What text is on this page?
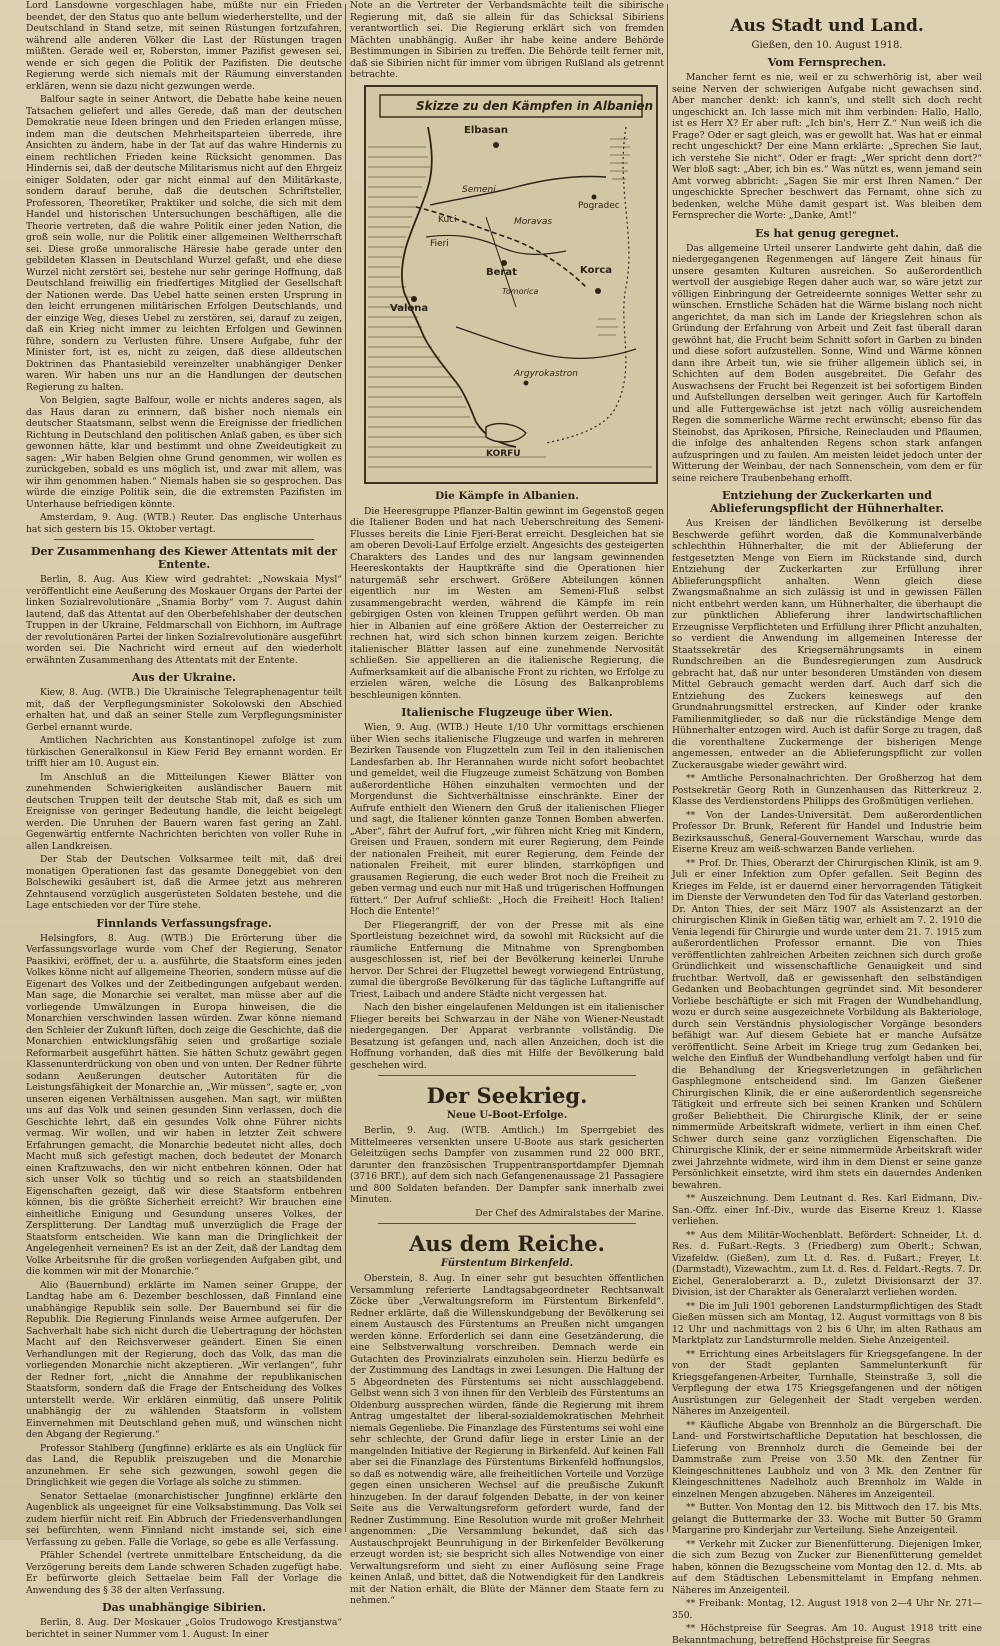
Lord Lansdowne vorgeschlagen habe, müßte nur ein Frieden beendet, der den Status quo ante bellum wiederherstellte, und der Deutschland in Stand setze, mit seinen Rüstungen fortzufahren, während alle anderen Völker die Last der Rüstungen tragen müßten. Gerade weil er, Roberston, immer Pazifist gewesen sei, wende er sich gegen die Politik der Pazifisten. Die deutsche Regierung werde sich niemals mit der Räumung einverstanden erklären, wenn sie dazu nicht gezwungen werde.

Balfour sagte in seiner Antwort, die Debatte habe keine neuen Tatsachen geliefert und alles Gerede, daß man der deutschen Demokratie neue Ideen bringen und den Frieden erlangen müsse, indem man die deutschen Mehrheitsparteien überrede, ihre Ansichten zu ändern, habe in der Tat auf das wahre Hindernis zu einem rechtlichen Frieden keine Rücksicht genommen. Das Hindernis sei, daß der deutsche Militarismus nicht auf den Ehrgeiz einiger Soldaten, oder gar nicht einmal auf den Militärkaste, sondern darauf beruhe, daß die deutschen Schriftsteller, Professoren, Theoretiker, Praktiker und solche, die sich mit dem Handel und historischen Untersuchungen beschäftigen, alle die Theorie vertreten, daß die wahre Politik einer jeden Nation, die groß sein wolle, nur die Politik einer allgemeinen Weltherrschaft sei. Diese große unmoralische Häresie habe gerade unter den gebildeten Klassen in Deutschland Wurzel gefaßt, und ehe diese Wurzel nicht zerstört sei, bestehe nur sehr geringe Hoffnung, daß Deutschland freiwillig ein friedfertiges Mitglied der Gesellschaft der Nationen werde. Das Uebel hatte seinen ersten Ursprung in den leicht errungenen militärischen Erfolgen Deutschlands, und der einzige Weg, dieses Uebel zu zerstören, sei, darauf zu zeigen, daß ein Krieg nicht immer zu leichten Erfolgen und Gewinnen führe, sondern zu Verlusten führe. Unsere Aufgabe, fuhr der Minister fort, ist es, nicht zu zeigen, daß diese alldeutschen Doktrinen das Phantasiebild vereinzelter unabhängiger Denker waren. Wir haben uns nur an die Handlungen der deutschen Regierung zu halten.

Von Belgien, sagte Balfour, wolle er nichts anderes sagen, als das Haus daran zu erinnern, daß bisher noch niemals ein deutscher Staatsmann, selbst wenn die Ereignisse der friedlichen Richtung in Deutschland den politischen Anlaß gaben, es über sich gewonnen hätte, klar und bestimmt und ohne Zweideutigkeit zu sagen: „Wir haben Belgien ohne Grund genommen, wir wollen es zurückgeben, sobald es uns möglich ist, und zwar mit allem, was wir ihm genommen haben.“ Niemals haben sie so gesprochen. Das würde die einzige Politik sein, die die extremsten Pazifisten im Unterhause befriedigen könnte.

Amsterdam, 9. Aug. (WTB.) Reuter. Das englische Unterhaus hat sich gestern bis 15. Oktober vertagt.

Der Zusammenhang des Kiewer Attentats mit der Entente.

Berlin, 8. Aug. Aus Kiew wird gedrahtet: „Nowskaia Mysl“ veröffentlicht eine Aeußerung des Moskauer Organs der Partei der linken Sozialrevolutionäre „Snamia Borby“ vom 7. August dahin lautend, daß das Attentat auf den Oberbefehlshaber der deutschen Truppen in der Ukraine, Feldmarschall von Eichhorn, im Auftrage der revolutionären Partei der linken Sozialrevolutionäre ausgeführt worden sei. Die Nachricht wird erneut auf den wiederholt erwähnten Zusammenhang des Attentats mit der Entente.

Aus der Ukraine.

Kiew, 8. Aug. (WTB.) Die Ukrainische Telegraphenagentur teilt mit, daß der Verpflegungsminister Sokolowski den Abschied erhalten hat, und daß an seiner Stelle zum Verpflegungsminister Gerbel ernannt wurde.

Amtlichen Nachrichten aus Konstantinopel zufolge ist zum türkischen Generalkonsul in Kiew Ferid Bey ernannt worden. Er trifft hier am 10. August ein.

Im Anschluß an die Mitteilungen Kiewer Blätter von zunehmenden Schwierigkeiten ausländischer Bauern mit deutschen Truppen teilt der deutsche Stab mit, daß es sich um Ereignisse von geringer Bedeutung handle, die leicht beigelegt werden. Die Unruhen der Bauern waren fast gering an Zahl. Gegenwärtig entfernte Nachrichten berichten von voller Ruhe in allen Landkreisen.

Der Stab der Deutschen Volksarmee teilt mit, daß drei monatigen Operationen fast das gesamte Doneggebiet von den Bolschewiki gesäubert ist, daß die Armee jetzt aus mehreren Zehntausend vorzüglich ausgerüsteten Soldaten bestehe, und die Lage entschieden vor der Türe stehe.

Finnlands Verfassungsfrage.

Helsingfors, 8. Aug. (WTB.) Die Erörterung über die Verfassungsvorlage wurde vom Chef der Regierung, Senator Paasikivi, eröffnet, der u. a. ausführte, die Staatsform eines jeden Volkes könne nicht auf allgemeine Theorien, sondern müsse auf die Eigenart des Volkes und der Zeitbedingungen aufgebaut werden. Man sage, die Monarchie sei veraltet, man müsse aber auf die vorliegende Umwälzungen in Europa hinweisen, die die Monarchien verschwinden lassen würden. Zwar könne niemand den Schleier der Zukunft lüften, doch zeige die Geschichte, daß die Monarchien entwicklungsfähig seien und großartige soziale Reformarbeit ausgeführt hätten. Sie hätten Schutz gewährt gegen Klassenunterdrückung von oben und von unten. Der Redner führte sodann Aeußerungen deutscher Autoritäten für die Leistungsfähigkeit der Monarchie an, „Wir müssen“, sagte er, „von unseren eigenen Verhältnissen ausgehen. Man sagt, wir müßten uns auf das Volk und seinen gesunden Sinn verlassen, doch die Geschichte lehrt, daß ein gesundes Volk ohne Führer nichts vermag. Wir wollen, und wir haben in letzter Zeit schwere Erfahrungen gemacht, die Monarchie bedeutet nicht alles, doch Macht muß sich gefestigt machen, doch bedeutet der Monarch einen Kraftzuwachs, den wir nicht entbehren können. Oder hat sich unser Volk so tüchtig und so reich an staatsbildenden Eigenschaften gezeigt, daß wir diese Staatsform entbehren können, bis die größte Sicherheit erreicht? Wir brauchen eine einheitliche Einigung und Gesundung unseres Volkes, der Zersplitterung. Der Landtag muß unverzüglich die Frage der Staatsform entscheiden. Wie kann man die Dringlichkeit der Angelegenheit verneinen? Es ist an der Zeit, daß der Landtag dem Volke Arbeitsruhe für die großen vorliegenden Aufgaben gibt, und die kommen wir mit der Monarchie.“

Alio (Bauernbund) erklärte im Namen seiner Gruppe, der Landtag habe am 6. Dezember beschlossen, daß Finnland eine unabhängige Republik sein solle. Der Bauernbund sei für die Republik. Die Regierung Finnlands weise Armee aufgerufen. Der Sachverhalt habe sich nicht durch die Uebertragung der höchsten Macht auf den Reichsverweser geändert. Einen Sie einen Verhandlungen mit der Regierung, doch das Volk, das man die vorliegenden Monarchie nicht akzeptieren. „Wir verlangen“, fuhr der Redner fort, „nicht die Annahme der republikanischen Staatsform, sondern daß die Frage der Entscheidung des Volkes unterstellt werde. Wir erklären einmütig, daß unsere Politik unabhängig der zu wählenden Staatsform in vollstem Einvernehmen mit Deutschland gehen muß, und wünschen nicht den Abgang der Regierung.“

Professor Stahlberg (Jungfinne) erklärte es als ein Unglück für das Land, die Republik preiszugeben und die Monarchie anzunehmen. Er sehe sich gezwungen, sowohl gegen die Dringlichkeit wie gegen die Vorlage als solche zu stimmen.

Senator Settaelae (monarchistischer Jungfinne) erklärte den Augenblick als ungeeignet für eine Volksabstimmung. Das Volk sei zudem hierfür nicht reif. Ein Abbruch der Friedensverhandlungen sei befürchten, wenn Finnland nicht imstande sei, sich eine Verfassung zu geben. Falle die Vorlage, so gebe es alle Verfassung.

Pfähler Schendel (vertrete unmittelbare Entscheidung, da die Verzögerung bereits dem Lande schweren Schaden zugefügt habe. Er befürworte gleich Settaelae beim Fall der Vorlage die Anwendung des § 38 der alten Verfassung.

Das unabhängige Sibirien.

Berlin, 8. Aug. Der Moskauer „Golos Trudowogo Krestjanstwa“ berichtet in seiner Nummer vom 1. August: In einer

Note an die Vertreter der Verbandsmächte teilt die sibirische Regierung mit, daß sie allein für das Schicksal Sibiriens verantwortlich sei. Die Regierung erklärt sich von fremden Mächten unabhängig. Außer ihr habe keine andere Behörde Bestimmungen in Sibirien zu treffen. Die Behörde teilt ferner mit, daß sie Sibirien nicht für immer vom übrigen Rußland als getrennt betrachte.

Skizze zu den Kämpfen in Albanien
Elbasan
Semeni
Pogradec
Kuci	Moravas
Fieri
Berat	Korca
Valona
Argyrokastron
KORFU
Tomorica

Die Kämpfe in Albanien.

Die Heeresgruppe Pflanzer-Baltin gewinnt im Gegenstoß gegen die Italiener Boden und hat nach Ueberschreitung des Semeni-Flusses bereits die Linie Fjeri-Berat erreicht. Desgleichen hat sie am oberen Devoli-Lauf Erfolge erzielt. Angesichts des gesteigerten Charakters des Landes und des nur langsam gewinnenden Heereskontakts der Hauptkräfte sind die Operationen hier naturgemäß sehr erschwert. Größere Abteilungen können eigentlich nur im Westen am Semeni-Fluß selbst zusammengebracht werden, während die Kämpfe im rein gebirgigen Osten von kleinen Truppen geführt werden. Ob man hier in Albanien auf eine größere Aktion der Oesterreicher zu rechnen hat, wird sich schon binnen kurzem zeigen. Berichte italienischer Blätter lassen auf eine zunehmende Nervosität schließen. Sie appellieren an die italienische Regierung, die Aufmerksamkeit auf die albanische Front zu richten, wo Erfolge zu erzielen wären, welche die Lösung des Balkanproblems beschleunigen könnten.

Italienische Flugzeuge über Wien.

Wien, 9. Aug. (WTB.) Heute 1/10 Uhr vormittags erschienen über Wien sechs italienische Flugzeuge und warfen in mehreren Bezirken Tausende von Flugzetteln zum Teil in den italienischen Landesfarben ab. Ihr Herannahen wurde nicht sofort beobachtet und gemeldet, weil die Flugzeuge zumeist Schätzung von Bomben außerordentliche Höhen einzuhalten vermochten und der Morgendunst die Sichtverhältnisse einschränkte. Einer der Aufrufe enthielt den Wienern den Gruß der italienischen Flieger und sagt, die Italiener könnten ganze Tonnen Bomben abwerfen. „Aber“, fährt der Aufruf fort, „wir führen nicht Krieg mit Kindern, Greisen und Frauen, sondern mit eurer Regierung, dem Feinde der nationalen Freiheit, mit eurer Regierung, dem Feinde der nationalen Freiheit, mit eurer blinden, starrköpfigen und grausamen Regierung, die euch weder Brot noch die Freiheit zu geben vermag und euch nur mit Haß und trügerischen Hoffnungen füttert.“ Der Aufruf schließt: „Hoch die Freiheit! Hoch Italien! Hoch die Entente!“

Der Fliegerangriff, der von der Presse mit als eine Sportleistung bezeichnet wird, da sowohl mit Rücksicht auf die räumliche Entfernung die Mitnahme von Sprengbomben ausgeschlossen ist, rief bei der Bevölkerung keinerlei Unruhe hervor. Der Schrei der Flugzettel bewegt vorwiegend Entrüstung, zumal die übergroße Bevölkerung für das tägliche Luftangriffe auf Triest, Laibach und andere Städte nicht vergessen hat.

Nach den bisher eingelaufenen Meldungen ist ein italienischer Flieger bereits bei Schwarzau in der Nähe von Wiener-Neustadt niedergegangen. Der Apparat verbrannte vollständig. Die Besatzung ist gefangen und, nach allen Anzeichen, doch ist die Hoffnung vorhanden, daß dies mit Hilfe der Bevölkerung bald geschehen wird.

Der Seekrieg.

Neue U-Boot-Erfolge.

Berlin, 9. Aug. (WTB. Amtlich.) Im Sperrgebiet des Mittelmeeres versenkten unsere U-Boote aus stark gesicherten Geleitzügen sechs Dampfer von zusammen rund 22 000 BRT., darunter den französischen Truppentransportdampfer Djemnah (3716 BRT.), auf dem sich nach Gefangenenaussage 21 Passagiere und 800 Soldaten befanden. Der Dampfer sank innerhalb zwei Minuten.

Der Chef des Admiralstabes der Marine.

Aus dem Reiche.

Fürstentum Birkenfeld.

Oberstein, 8. Aug. In einer sehr gut besuchten öffentlichen Versammlung referierte Landtagsabgeordneter Rechtsanwalt Zöcke über „Verwaltungsreform im Fürstentum Birkenfeld“. Redner erklärte, daß die Willenskundgebung der Bevölkerung sei einem Austausch des Fürstentums an Preußen nicht umgangen werden könne. Erforderlich sei dann eine Gesetzänderung, die eine Selbstverwaltung vorschreiben. Demnach werde ein Gutachten des Provinzialrats einzuholen sein. Hierzu bedürfe es der Zustimmung des Landtags in zwei Lesungen. Die Haltung der 5 Abgeordneten des Fürstentums sei nicht ausschlaggebend. Gelbst wenn sich 3 von ihnen für den Verbleib des Fürstentums an Oldenburg aussprechen würden, fände die Regierung mit ihrem Antrag umgestaltet der liberal-sozialdemokratischen Mehrheit niemals Gegenliebe. Die Finanzlage des Fürstentums sei wohl eine sehr schlechte, der Grund dafür liege in erster Linie an der mangelnden Initiative der Regierung in Birkenfeld. Auf keinen Fall aber sei die Finanzlage des Fürstentums Birkenfeld hoffnungslos, so daß es notwendig wäre, alle freiheitlichen Vorteile und Vorzüge gegen einen unsicheren Wechsel auf die preußische Zukunft hinzugeben. In der darauf folgenden Debatte, in der von keiner Seite aus die Verwaltungsreform gefordert wurde, fand der Redner Zustimmung. Eine Resolution wurde mit großer Mehrheit angenommen: „Die Versammlung bekundet, daß sich das Austauschprojekt Beunruhigung in der Birkenfelder Bevölkerung erzeugt worden ist; sie bespricht sich alles Notwendige von einer Verwaltungsreform und sieht zu einer Auflösung seine Frage keinen Anlaß, und bittet, daß die Notwendigkeit für den Landkreis mit der Nation erhält, die Blüte der Männer dem Staate fern zu nehmen.“

Aus Stadt und Land.

Gießen, den 10. August 1918.

Vom Fernsprechen.

Mancher fernt es nie, weil er zu schwerhörig ist, aber weil seine Nerven der schwierigen Aufgabe nicht gewachsen sind. Aber mancher denkt: ich kann's, und stellt sich doch recht ungeschickt an. Ich lasse mich mit ihm verbinden: Hallo, Hallo, ist es Herr X? Er aber ruft: „Ich bin's, Herr Z.“ Nun weiß ich die Frage? Oder er sagt gleich, was er gewollt hat. Was hat er einmal recht ungeschickt? Der eine Mann erklärte: „Sprechen Sie laut, ich verstehe Sie nicht“. Oder er fragt: „Wer spricht denn dort?“ Wer bloß sagt: „Aber, ich bin es.“ Was nützt es, wenn jemand sein Amt vorweg abbricht: „Sagen Sie mir erst Ihren Namen.“ Der ungeschickte Sprecher beschwert das Fernamt, ohne sich zu bedenken, welche Mühe damit gespart ist. Was bleiben dem Fernsprecher die Worte: „Danke, Amt!“

Es hat genug geregnet.

Das allgemeine Urteil unserer Landwirte geht dahin, daß die niedergegangenen Regenmengen auf längere Zeit hinaus für unsere gesamten Kulturen ausreichen. So außerordentlich wertvoll der ausgiebige Regen daher auch war, so wäre jetzt zur völligen Einbringung der Getreideernte sonniges Wetter sehr zu wünschen. Ernstliche Schäden hat die Wärme bislang noch nicht angerichtet, da man sich im Lande der Kriegslehren schon als Gründung der Erfahrung von Arbeit und Zeit fast überall daran gewöhnt hat, die Frucht beim Schnitt sofort in Garben zu binden und diese sofort aufzustellen. Sonne, Wind und Wärme können dann ihre Arbeit tun, wie sie früher allgemein üblich sei, in Schichten auf dem Boden ausgebreitet. Die Gefahr des Auswachsens der Frucht bei Regenzeit ist bei sofortigem Binden und Aufstellungen derselben weit geringer. Auch für Kartoffeln und alle Futtergewächse ist jetzt nach völlig ausreichendem Regen die sommerliche Wärme recht erwünscht; ebenso für das Steinobst, das Aprikosen, Pfirsiche, Reineclauden und Pflaumen, die infolge des anhaltenden Regens schon stark anfangen aufzuspringen und zu faulen. Am meisten leidet jedoch unter der Witterung der Weinbau, der nach Sonnenschein, vom dem er für seine reichere Traubenbehang erhofft.

Entziehung der Zuckerkarten und Ablieferungspflicht der Hühnerhalter.

Aus Kreisen der ländlichen Bevölkerung ist derselbe Beschwerde geführt worden, daß die Kommunalverbände schlechthin Hühnerhalter, die mit der Ablieferung der festgesetzten Menge von Eiern im Rückstande sind, durch Entziehung der Zuckerkarten zur Erfüllung ihrer Ablieferungspflicht anhalten. Wenn gleich diese Zwangsmaßnahme an sich zulässig ist und in gewissen Fällen nicht entbehrt werden kann, um Hühnerhalter, die überhaupt die zur pünktlichen Ablieferung ihrer landwirtschaftlichen Erzeugnisse Verpflichteten und Erfüllung ihrer Pflicht anzuhalten, so verdient die Anwendung im allgemeinen Interesse der Staatssekretär des Kriegsernährungsamts in einem Rundschreiben an die Bundesregierungen zum Ausdruck gebracht hat, daß nur unter besonderen Umständen von diesem Mittel Gebrauch gemacht werden darf. Auch darf sich die Entziehung des Zuckers keineswegs auf den Grundnahrungsmittel erstrecken, auf Kinder oder kranke Familienmitglieder, so daß nur die rückständige Menge dem Hühnerhalter entzogen wird. Auch ist dafür Sorge zu tragen, daß die vorenthaltene Zuckermenge der bisherigen Menge angemessen, entweder an die Ablieferungspflicht zur vollen Zuckerausgabe wieder gewährt wird.

** Amtliche Personalnachrichten. Der Großherzog hat dem Postsekretär Georg Roth in Gunzenhausen das Ritterkreuz 2. Klasse des Verdienstordens Philipps des Großmütigen verliehen.

** Von der Landes-Universität. Dem außerordentlichen Professor Dr. Brunk, Referent für Handel und Industrie beim Bezirksausschuß, General-Gouvernement Warschau, wurde das Eiserne Kreuz am weiß-schwarzen Bande verliehen.

** Prof. Dr. Thies, Oberarzt der Chirurgischen Klinik, ist am 9. Juli er einer Infektion zum Opfer gefallen. Seit Beginn des Krieges im Felde, ist er dauernd einer hervorragenden Tätigkeit im Dienste der Verwundeten den Tod für das Vaterland gestorben. Dr. Anton Thies, der seit März 1907 als Assistenzarzt an der chirurgischen Klinik in Gießen tätig war, erhielt am 7. 2. 1910 die Venia legendi für Chirurgie und wurde unter dem 21. 7. 1915 zum außerordentlichen Professor ernannt. Die von Thies veröffentlichten zahlreichen Arbeiten zeichnen sich durch große Gründlichkeit und wissenschaftliche Genauigkeit und sind fruchtbar. Wertvoll, daß er gewissenhaft den selbständigen Gedanken und Beobachtungen gegründet sind. Mit besonderer Vorliebe beschäftigte er sich mit Fragen der Wundbehandlung, wozu er durch seine ausgezeichnete Vorbildung als Bakteriologe, durch sein Verständnis physiologischer Vorgänge besonders befähigt war. Auf diesem Gebiete hat er manche Aufsätze veröffentlicht. Seine Arbeit im Kriege trug zum Gedanken bei, welche den Einfluß der Wundbehandlung verfolgt haben und für die Behandlung der Kriegsverletzungen in gefährlichen Gasphlegmone entscheidend sind. Im Ganzen Gießener Chirurgischen Klinik, die er eine außerordentlich segensreiche Tätigkeit und erfreute sich bei seinen Kranken und Schülern großer Beliebtheit. Die Chirurgische Klinik, der er seine nimmermüde Arbeitskraft widmete, verliert in ihm einen Chef. Schwer durch seine ganz vorzüglichen Eigenschaften. Die Chirurgische Klinik, der er seine nimmermüde Arbeitskraft wider zwei Jahrzehnte widmete, wird ihm in dem Dienst er seine ganze Persönlichkeit einsetzte, wird ihm stets ein dauerndes Andenken bewahren.

** Auszeichnung. Dem Leutnant d. Res. Karl Eidmann, Div.-San.-Offz. einer Inf.-Div., wurde das Eiserne Kreuz 1. Klasse verliehen.

** Aus dem Militär-Wochenblatt. Befördert: Schneider, Lt. d. Res. d. Fußart.-Regts. 3 (Friedberg) zum Oberlt.; Schwan, Vizefeldw. (Gießen), zum Lt. d. Res. d. Fußart.; Freyer, Lt. (Darmstadt), Vizewachtm., zum Lt. d. Res. d. Feldart.-Regts. 7. Dr. Eichel, Generaloberarzt a. D., zuletzt Divisionsarzt der 37. Division, ist der Charakter als Generalarzt verliehen worden.

** Die im Juli 1901 geborenen Landsturmpflichtigen des Stadt Gießen müssen sich am Montag, 12. August vormittags von 8 bis 12 Uhr und nachmittags von 2 bis 6 Uhr, im alten Rathaus am Marktplatz zur Landsturmrolle melden. Siehe Anzeigenteil.

** Errichtung eines Arbeitslagers für Kriegsgefangene. In der von der Stadt geplanten Sammelunterkunft für Kriegsgefangenen-Arbeiter, Turnhalle, Steinstraße 3, soll die Verpflegung der etwa 175 Kriegsgefangenen und der nötigen Ausrüstungen zur Gelegenheit der Stadt vergeben werden. Näheres im Anzeigenteil.

** Käufliche Abgabe von Brennholz an die Bürgerschaft. Die Land- und Forstwirtschaftliche Deputation hat beschlossen, die Lieferung von Brennholz durch die Gemeinde bei der Dammstraße zum Preise von 3.50 Mk. den Zentner für Kleingeschnittenes Laubholz und von 3 Mk. den Zentner für Kleingeschnittenes Nadelholz auch Brennholz im Walde in einzelnen Mengen abzugeben. Näheres im Anzeigenteil.

** Butter. Von Montag den 12. bis Mittwoch den 17. bis Mts. gelangt die Buttermarke der 33. Woche mit Butter 50 Gramm Margarine pro Kinderjahr zur Verteilung. Siehe Anzeigenteil.

** Verkehr mit Zucker zur Bienenfütterung. Diejenigen Imker, die sich zum Bezug von Zucker zur Bienenfütterung gemeldet haben, können die Bezugsscheine vom Montag den 12. d. Mts. ab auf dem Städtischen Lebensmittelamt in Empfang nehmen. Näheres im Anzeigenteil.

** Freibank: Montag, 12. August 1918 von 2—4 Uhr Nr. 271—350.

** Höchstpreise für Seegras. Am 10. August 1918 tritt eine Bekanntmachung, betreffend Höchstpreise für Seegras
